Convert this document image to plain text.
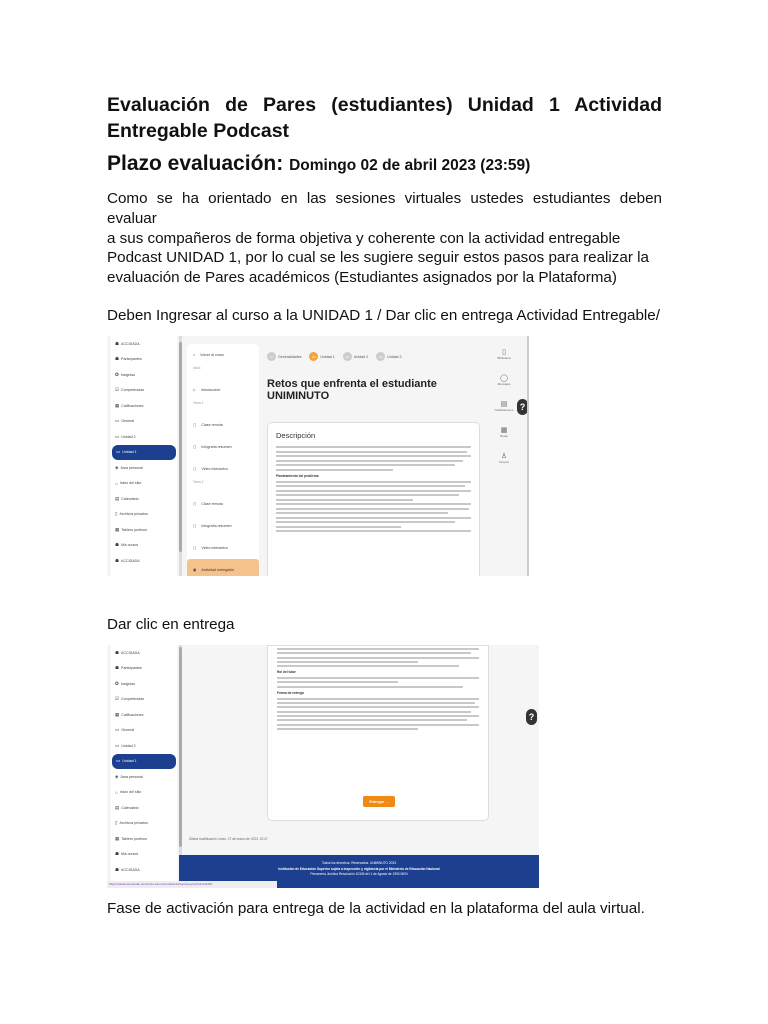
Evaluación de Pares (estudiantes) Unidad 1 Actividad Entregable Podcast
Plazo evaluación: Domingo 02 de abril 2023 (23:59)
Como se ha orientado en las sesiones virtuales ustedes estudiantes deben evaluar
a sus compañeros de forma objetiva y coherente con la actividad entregable
Podcast UNIDAD 1, por lo cual se les sugiere seguir estos pasos para realizar la
evaluación de Pares académicos (Estudiantes asignados por la Plataforma)
Deben Ingresar al curso a la UNIDAD 1 / Dar clic en entrega Actividad Entregable/
☗ ACCIDADA
☗ Participantes
✪ Insignias
☑ Competencias
▦ Calificaciones
▭ General
▭ Unidad 2
▭ Unidad 1
◈ Área personal
⌂ Inicio del sitio
▤ Calendario
▯ Archivos privados
▦ Tablero profesor
☗ Mis cursos
☗ ACCIDADA
⌂ Volver al curso
Inicio
▷ Introducción
Tema 1
▢ Clase remota
▢ Infografía resumen
▢ Video interactivo
Tema 2
▢ Clase remota
▢ Infografía resumen
▢ Video interactivo
▣ Actividad entregable
G	Generalidades	U1	Unidad 1	U2	Unidad 2	U3	Unidad 3
Retos que enfrenta el estudiante UNIMINUTO
Descripción
Planteamiento del problema
▯
Biblioteca
◯
Mensajes
▤
Notificaciones
▦
Notas
♙
Grupos
?
Dar clic en entrega
☗ ACCIDADA
☗ Participantes
✪ Insignias
☑ Competencias
▦ Calificaciones
▭ General
▭ Unidad 2
▭ Unidad 1
◈ Área personal
⌂ Inicio del sitio
▤ Calendario
▯ Archivos privados
▦ Tablero profesor
☗ Mis cursos
☗ ACCIDADA
Rol del tutor
Forma de entrega
Entregar →
Última modificación: lunes, 27 de marzo de 2023, 22:47
?
Todos los derechos. Reservados. UNIMINUTO 2023
Institución de Educación Superior sujeta a inspección y vigilancia por el Ministerio de Educación Nacional
Personería Jurídica Resolución 10345 del 1 de Agosto de 1990 MEN
https://cadomsemoodle.uniminuto.edu.co/mod/workshop/view.php?id=242397
Fase de activación para entrega de la actividad en la plataforma del aula virtual.
